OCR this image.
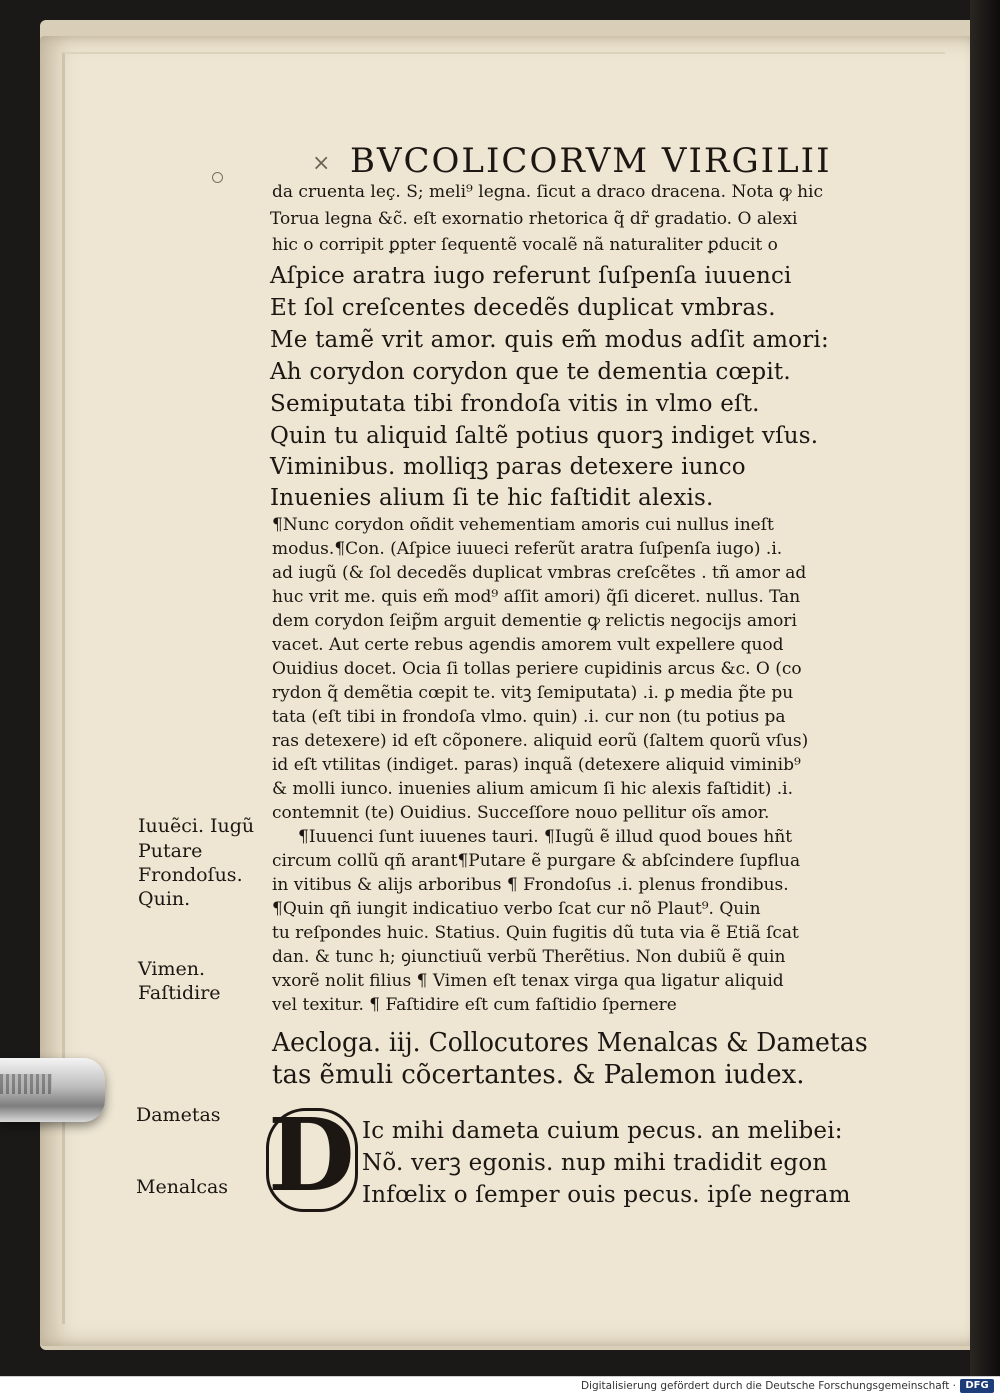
× BVCOLICORVM VIRGILII
da cruenta leç. S; meli⁹ legna. ſicut a draco dracena. Nota ꝙ hic
Torua legna &c̃. eſt exornatio rhetorica q̃ dr̃ gradatio. O alexi
hic o corripit ꝑpter ſequentẽ vocalẽ nã naturaliter ꝑducit o
Aſpice aratra iugo referunt ſuſpenſa iuuenci
Et ſol creſcentes decedẽs duplicat vmbras.
Me tamẽ vrit amor. quis em̃ modus adſit amori:
Ah corydon corydon que te dementia cœpit.
Semiputata tibi frondoſa vitis in vlmo eſt.
Quin tu aliquid ſaltẽ potius quorꝫ indiget vſus.
Viminibus. molliqꝫ paras detexere iunco
Inuenies alium ſi te hic faſtidit alexis.
¶Nunc corydon oñdit vehementiam amoris cui nullus ineſt
modus.¶Con. (Aſpice iuueci referũt aratra ſuſpenſa iugo) .i.
ad iugũ (& ſol decedẽs duplicat vmbras creſcẽtes . tñ amor ad
huc vrit me. quis em̃ mod⁹ aſſit amori) q̃ſi diceret. nullus. Tan
dem corydon ſeip̃m arguit dementie ꝙ relictis negocijs amori
vacet. Aut certe rebus agendis amorem vult expellere quod
Ouidius docet. Ocia ſi tollas periere cupidinis arcus &c. O (co
rydon q̃ demẽtia cœpit te. vitꝫ ſemiputata) .i. ꝑ media p̃te pu
tata (eſt tibi in frondoſa vlmo. quin) .i. cur non (tu potius pa
ras detexere) id eſt cõponere. aliquid eorũ (ſaltem quorũ vſus)
id eſt vtilitas (indiget. paras) inquã (detexere aliquid viminib⁹
& molli iunco. inuenies alium amicum ſi hic alexis faſtidit) .i.
contemnit (te) Ouidius. Succeſſore nouo pellitur oĩs amor.
¶Iuuenci ſunt iuuenes tauri. ¶Iugũ ẽ illud quod boues hñt
circum collũ qñ arant¶Putare ẽ purgare & abſcindere ſupflua
in vitibus & alijs arboribus ¶ Frondoſus .i. plenus frondibus.
¶Quin qñ iungit indicatiuo verbo ſcat cur nõ Plaut⁹. Quin
tu reſpondes huic. Statius. Quin fugitis dũ tuta via ẽ Etiã ſcat
dan. & tunc h; ꝯiunctiuũ verbũ Therẽtius. Non dubiũ ẽ quin
vxorẽ nolit filius ¶ Vimen eſt tenax virga qua ligatur aliquid
vel texitur. ¶ Faſtidire eſt cum faſtidio ſpernere
Iuuẽci. Iugũ
Putare
Frondoſus.
Quin.
Vimen.
Faſtidire
Aecloga. iij. Collocutores Menalcas & Dametas
tas ẽmuli cõcertantes. & Palemon iudex.
Dametas
Menalcas D Ic mihi dameta cuium pecus. an melibei:
Nõ. verꝫ egonis. nup mihi tradidit egon
Infœlix o ſemper ouis pecus. ipſe negram
Digitalisierung gefördert durch die Deutsche Forschungsgemeinschaft · DFG
